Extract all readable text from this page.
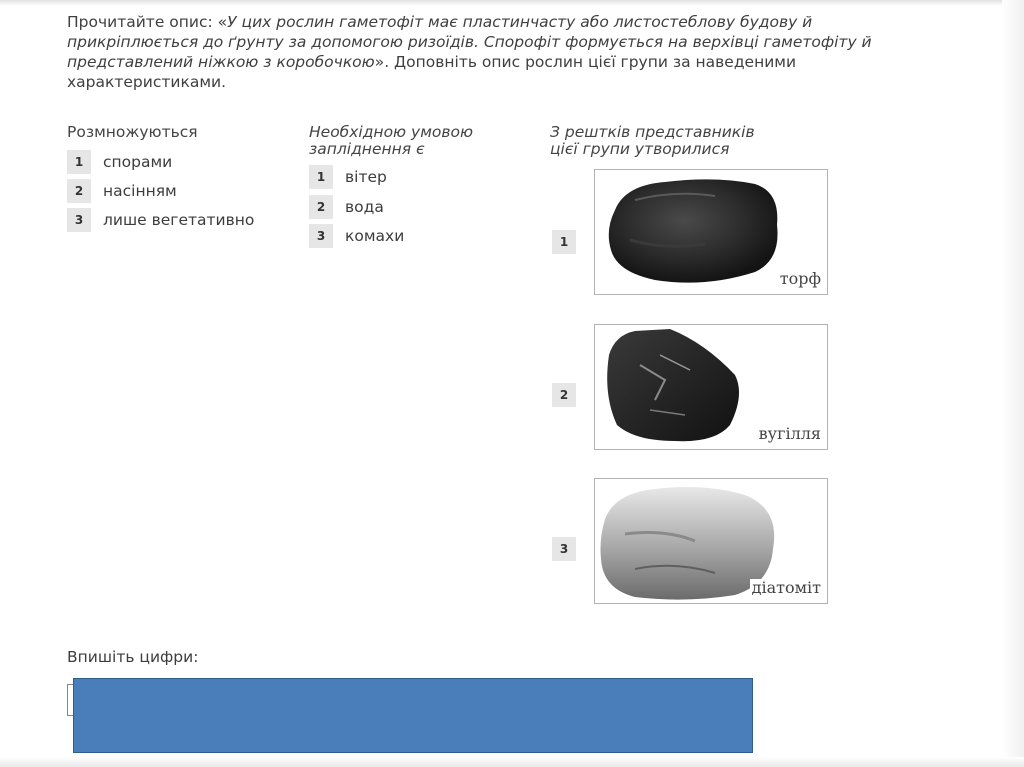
Прочитайте опис: «У цих рослин гаметофіт має пластинчасту або листостеблову будову й прикріплюється до ґрунту за допомогою ризоїдів. Спорофіт формується на верхівці гаметофіту й представлений ніжкою з коробочкою». Доповніть опис рослин цієї групи за наведеними характеристиками.

Розмножуються
1	спорами
2	насінням
3	лише вегетативно
Необхідною умовою
запліднення є
1	вітер
2	вода
3	комахи
З рештків представників
цієї групи утворилися
1
торф
2
вугілля
3
діатоміт
Впишіть цифри:
